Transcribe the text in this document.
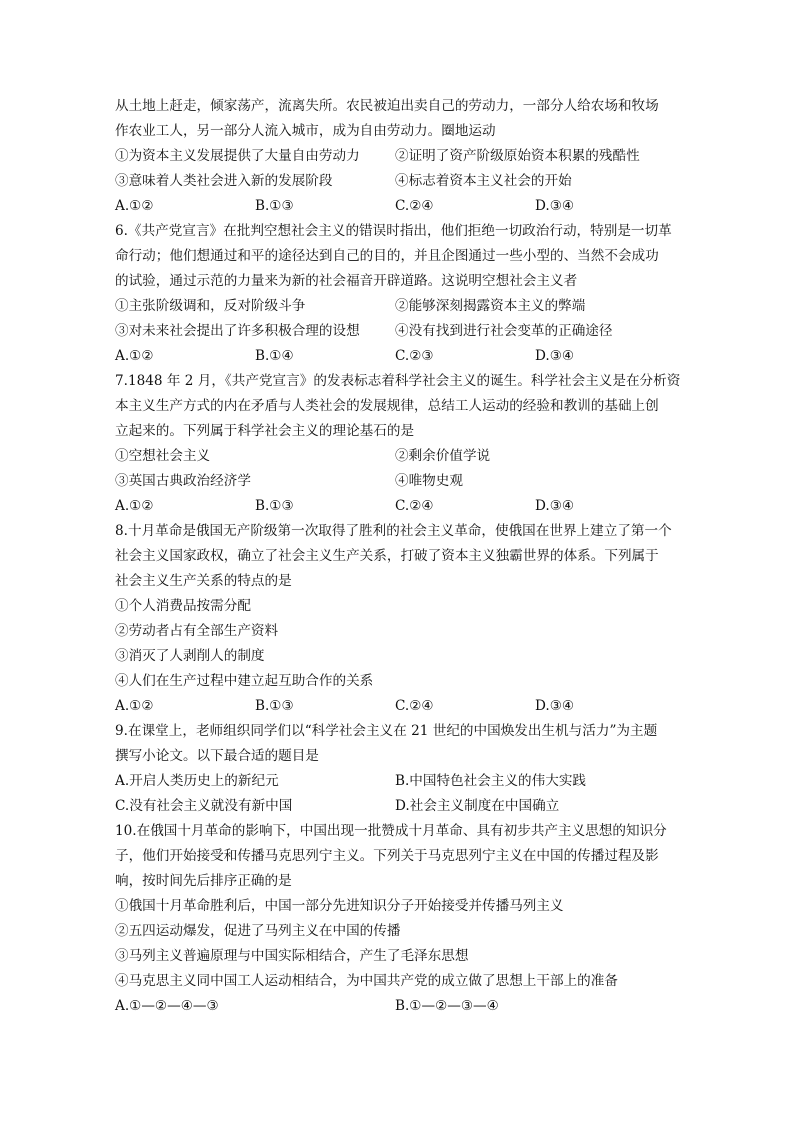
从土地上赶走，倾家荡产，流离失所。农民被迫出卖自己的劳动力，一部分人给农场和牧场
作农业工人，另一部分人流入城市，成为自由劳动力。圈地运动
①为资本主义发展提供了大量自由劳动力	②证明了资产阶级原始资本积累的残酷性
③意味着人类社会进入新的发展阶段	④标志着资本主义社会的开始
A.①②	B.①③	C.②④	D.③④
6.《共产党宣言》在批判空想社会主义的错误时指出，他们拒绝一切政治行动，特别是一切革
命行动；他们想通过和平的途径达到自己的目的，并且企图通过一些小型的、当然不会成功
的试验，通过示范的力量来为新的社会福音开辟道路。这说明空想社会主义者
①主张阶级调和，反对阶级斗争	②能够深刻揭露资本主义的弊端
③对未来社会提出了许多积极合理的设想	④没有找到进行社会变革的正确途径
A.①②	B.①④	C.②③	D.③④
7.1848 年 2 月，《共产党宣言》的发表标志着科学社会主义的诞生。科学社会主义是在分析资
本主义生产方式的内在矛盾与人类社会的发展规律，总结工人运动的经验和教训的基础上创
立起来的。下列属于科学社会主义的理论基石的是
①空想社会主义	②剩余价值学说
③英国古典政治经济学	④唯物史观
A.①②	B.①③	C.②④	D.③④
8.十月革命是俄国无产阶级第一次取得了胜利的社会主义革命，使俄国在世界上建立了第一个
社会主义国家政权，确立了社会主义生产关系，打破了资本主义独霸世界的体系。下列属于
社会主义生产关系的特点的是
①个人消费品按需分配
②劳动者占有全部生产资料
③消灭了人剥削人的制度
④人们在生产过程中建立起互助合作的关系
A.①②	B.①③	C.②④	D.③④
9.在课堂上，老师组织同学们以“科学社会主义在 21 世纪的中国焕发出生机与活力”为主题
撰写小论文。以下最合适的题目是
A.开启人类历史上的新纪元	B.中国特色社会主义的伟大实践
C.没有社会主义就没有新中国	D.社会主义制度在中国确立
10.在俄国十月革命的影响下，中国出现一批赞成十月革命、具有初步共产主义思想的知识分
子，他们开始接受和传播马克思列宁主义。下列关于马克思列宁主义在中国的传播过程及影
响，按时间先后排序正确的是
①俄国十月革命胜利后，中国一部分先进知识分子开始接受并传播马列主义
②五四运动爆发，促进了马列主义在中国的传播
③马列主义普遍原理与中国实际相结合，产生了毛泽东思想
④马克思主义同中国工人运动相结合，为中国共产党的成立做了思想上干部上的准备
A.①—②—④—③	B.①—②—③—④
